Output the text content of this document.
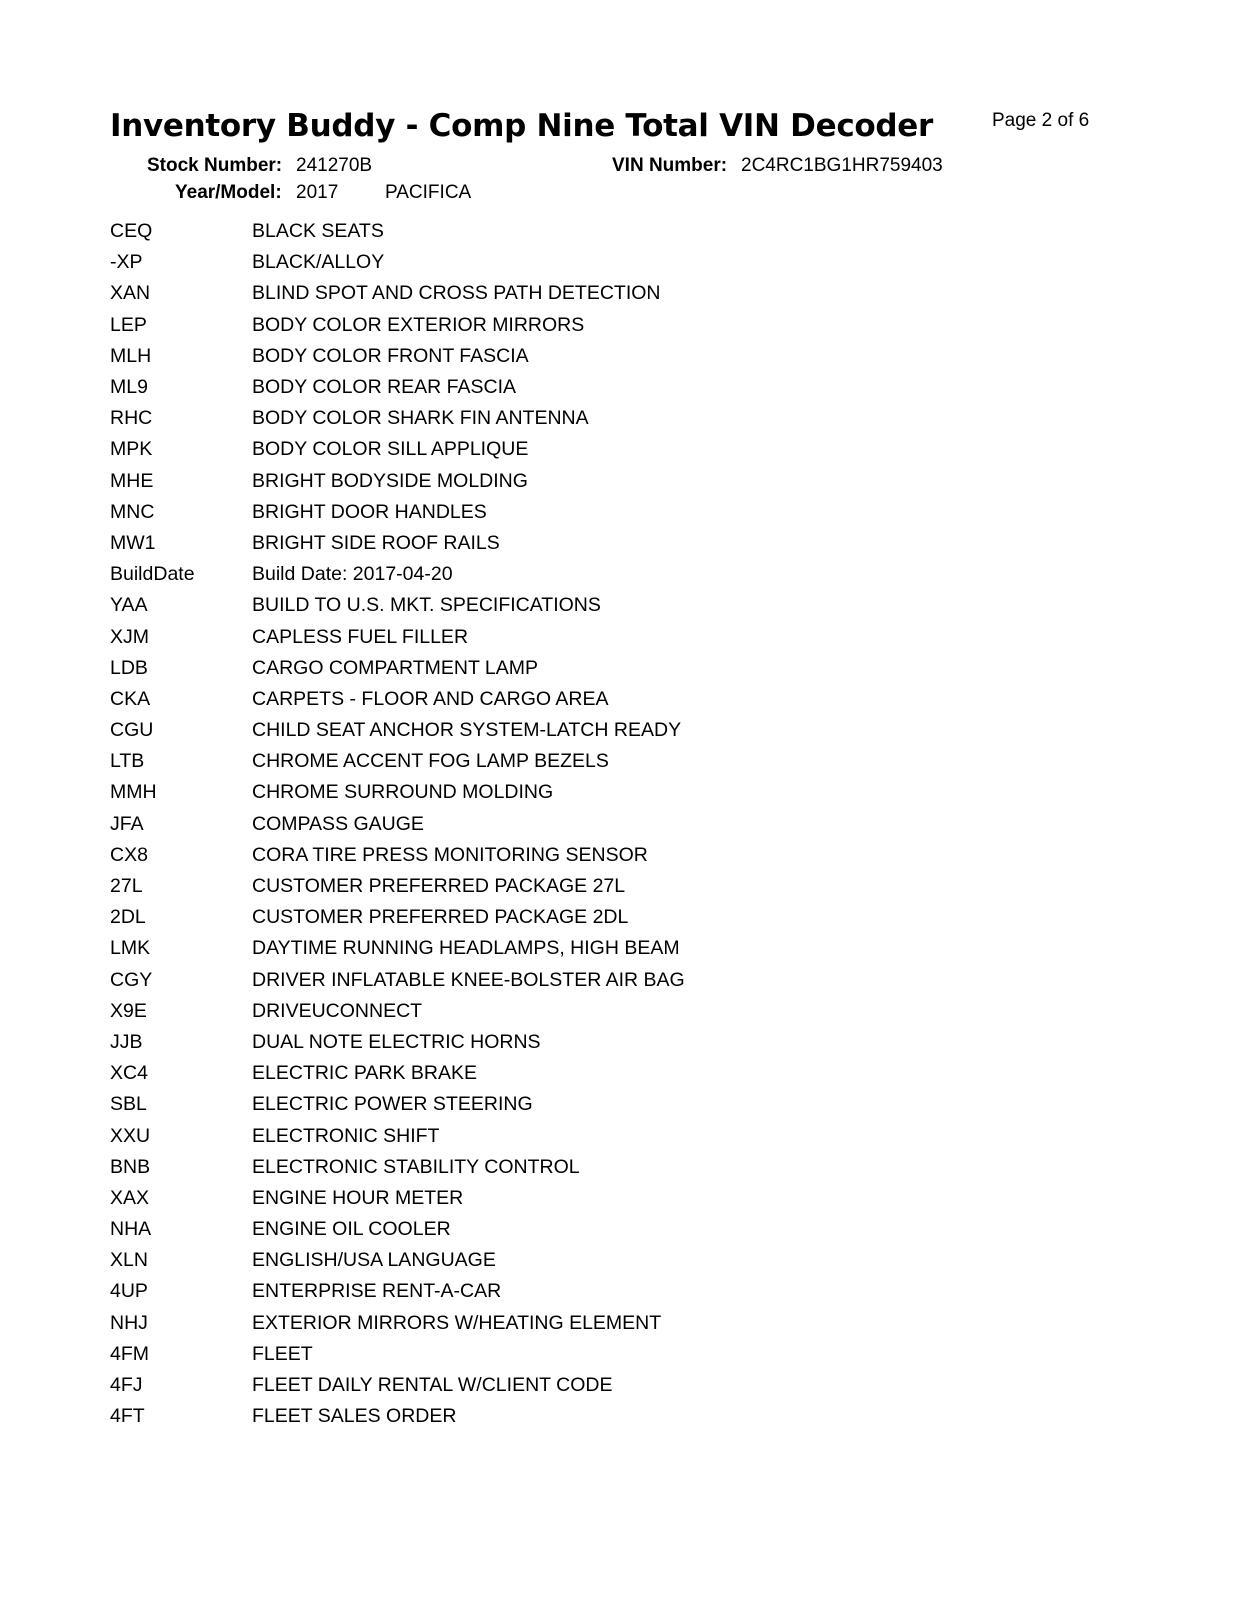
Inventory Buddy - Comp Nine Total VIN Decoder	Page 2 of 6
Stock Number: 241270B	VIN Number: 2C4RC1BG1HR759403
Year/Model: 2017 PACIFICA
CEQ	BLACK SEATS
-XP	BLACK/ALLOY
XAN	BLIND SPOT AND CROSS PATH DETECTION
LEP	BODY COLOR EXTERIOR MIRRORS
MLH	BODY COLOR FRONT FASCIA
ML9	BODY COLOR REAR FASCIA
RHC	BODY COLOR SHARK FIN ANTENNA
MPK	BODY COLOR SILL APPLIQUE
MHE	BRIGHT BODYSIDE MOLDING
MNC	BRIGHT DOOR HANDLES
MW1	BRIGHT SIDE ROOF RAILS
BuildDate	Build Date: 2017-04-20
YAA	BUILD TO U.S. MKT. SPECIFICATIONS
XJM	CAPLESS FUEL FILLER
LDB	CARGO COMPARTMENT LAMP
CKA	CARPETS - FLOOR AND CARGO AREA
CGU	CHILD SEAT ANCHOR SYSTEM-LATCH READY
LTB	CHROME ACCENT FOG LAMP BEZELS
MMH	CHROME SURROUND MOLDING
JFA	COMPASS GAUGE
CX8	CORA TIRE PRESS MONITORING SENSOR
27L	CUSTOMER PREFERRED PACKAGE 27L
2DL	CUSTOMER PREFERRED PACKAGE 2DL
LMK	DAYTIME RUNNING HEADLAMPS, HIGH BEAM
CGY	DRIVER INFLATABLE KNEE-BOLSTER AIR BAG
X9E	DRIVEUCONNECT
JJB	DUAL NOTE ELECTRIC HORNS
XC4	ELECTRIC PARK BRAKE
SBL	ELECTRIC POWER STEERING
XXU	ELECTRONIC SHIFT
BNB	ELECTRONIC STABILITY CONTROL
XAX	ENGINE HOUR METER
NHA	ENGINE OIL COOLER
XLN	ENGLISH/USA LANGUAGE
4UP	ENTERPRISE RENT-A-CAR
NHJ	EXTERIOR MIRRORS W/HEATING ELEMENT
4FM	FLEET
4FJ	FLEET DAILY RENTAL W/CLIENT CODE
4FT	FLEET SALES ORDER
